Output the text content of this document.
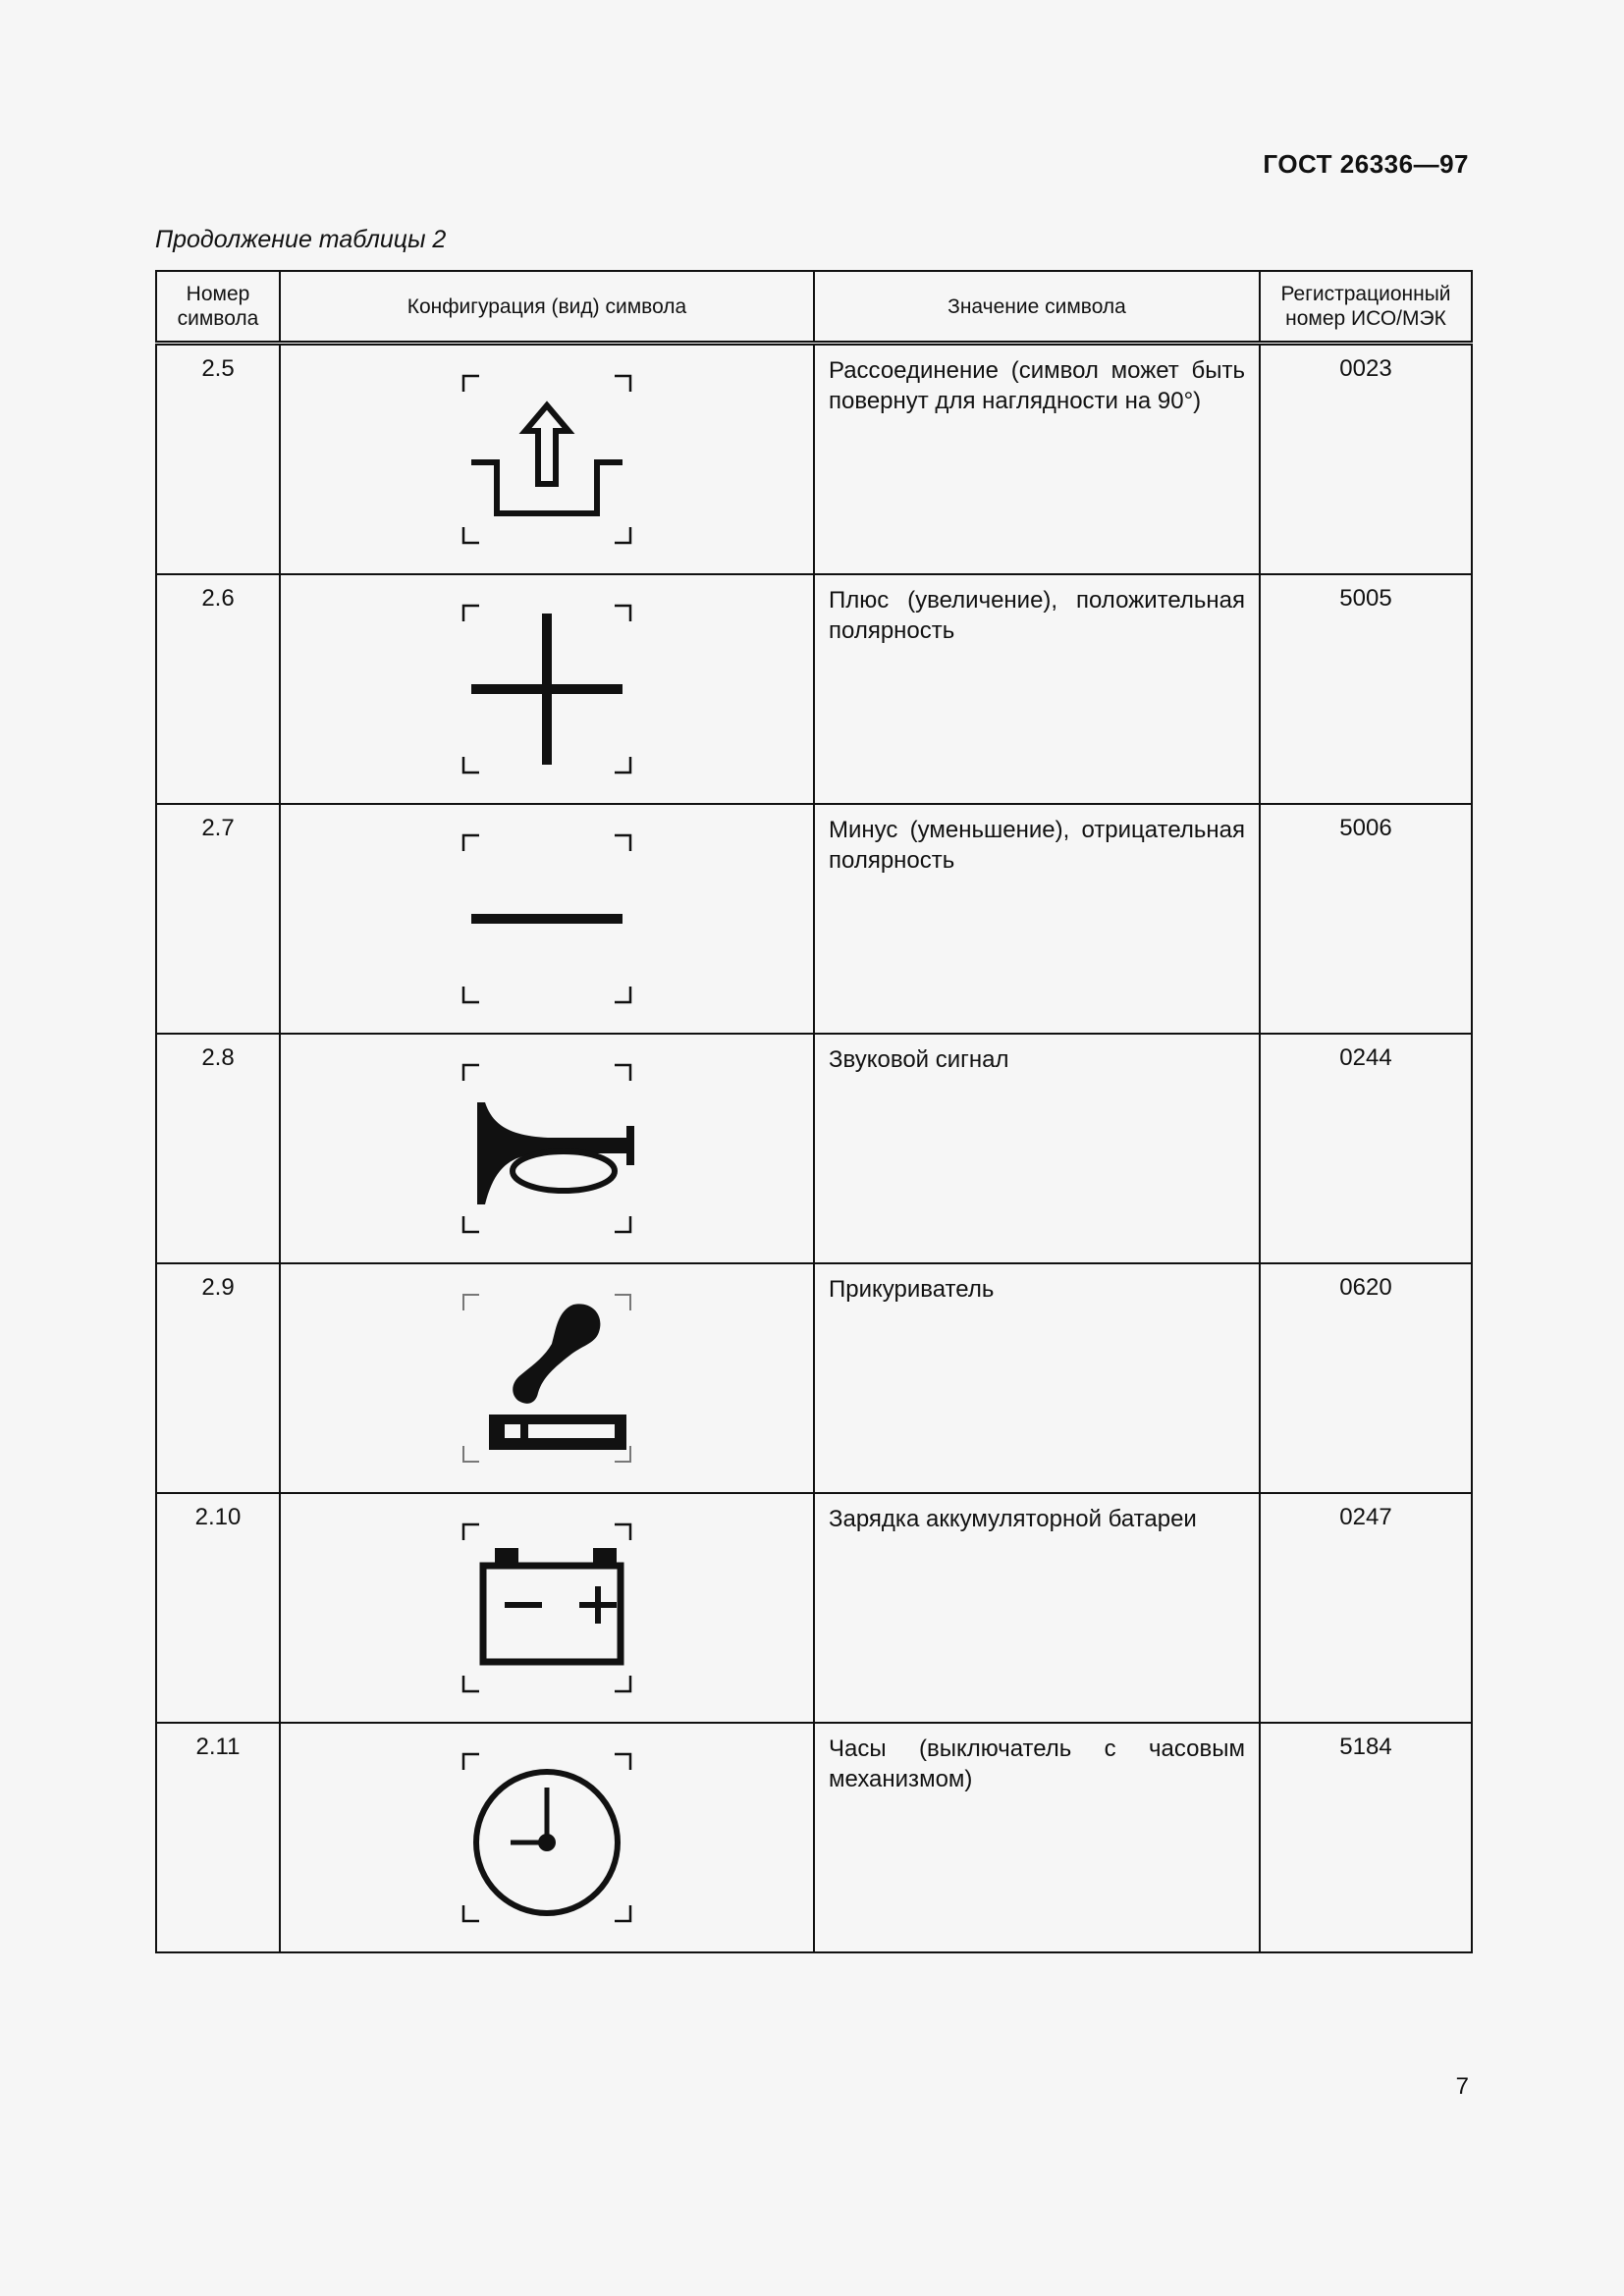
ГОСТ 26336—97
Продолжение таблицы 2
Номер символа	Конфигурация (вид) символа	Значение символа	Регистрационный номер ИСО/МЭК
2.5		Рассоединение (символ может быть повернут для наглядности на 90°)	0023
2.6		Плюс (увеличение), положительная полярность	5005
2.7		Минус (уменьшение), отрицательная полярность	5006
2.8		Звуковой сигнал	0244
2.9		Прикуриватель	0620
2.10		Зарядка аккумуляторной батареи	0247
2.11		Часы (выключатель с часовым механизмом)	5184
7
